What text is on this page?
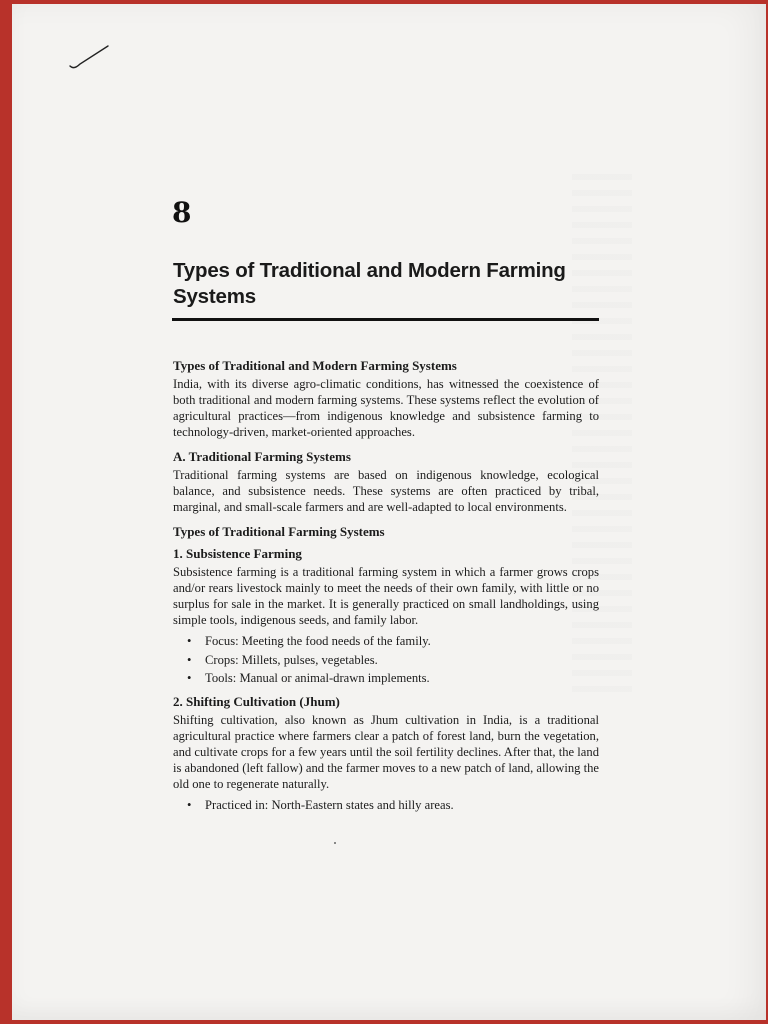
8
Types of Traditional and Modern Farming Systems
Types of Traditional and Modern Farming Systems

India, with its diverse agro-climatic conditions, has witnessed the coexistence of both traditional and modern farming systems. These systems reflect the evolution of agricultural practices—from indigenous knowledge and subsistence farming to technology-driven, market-oriented approaches.

A. Traditional Farming Systems

Traditional farming systems are based on indigenous knowledge, ecological balance, and subsistence needs. These systems are often practiced by tribal, marginal, and small-scale farmers and are well-adapted to local environments.

Types of Traditional Farming Systems
1. Subsistence Farming

Subsistence farming is a traditional farming system in which a farmer grows crops and/or rears livestock mainly to meet the needs of their own family, with little or no surplus for sale in the market. It is generally practiced on small landholdings, using simple tools, indigenous seeds, and family labor.

• Focus: Meeting the food needs of the family.
• Crops: Millets, pulses, vegetables.
• Tools: Manual or animal-drawn implements.
2. Shifting Cultivation (Jhum)

Shifting cultivation, also known as Jhum cultivation in India, is a traditional agricultural practice where farmers clear a patch of forest land, burn the vegetation, and cultivate crops for a few years until the soil fertility declines. After that, the land is abandoned (left fallow) and the farmer moves to a new patch of land, allowing the old one to regenerate naturally.

• Practiced in: North-Eastern states and hilly areas.
